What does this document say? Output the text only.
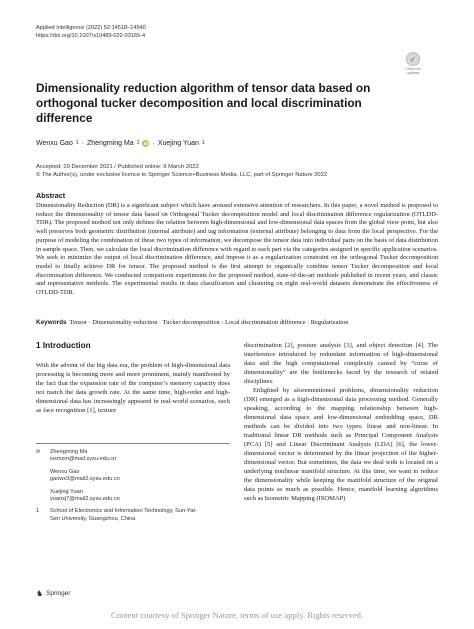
Applied Intelligence (2022) 52:14518–14540
https://doi.org/10.1007/s10489-022-03165-4
✓
Check for
updates
Dimensionality reduction algorithm of tensor data based on orthogonal tucker decomposition and local discrimination difference
Wenxu Gao 1 · Zhengming Ma 1 iD · Xuejing Yuan 1
Accepted: 29 December 2021 / Published online: 9 March 2022
© The Author(s), under exclusive licence to Springer Science+Business Media, LLC, part of Springer Nature 2022
Abstract

Dimensionality Reduction (DR) is a significant subject which have aroused extensive attention of researchers. In this paper, a novel method is proposed to reduce the dimensionality of tensor data based on Orthogonal Tucker decomposition model and local discrimination difference regularization (OTLDD-TDR). The proposed method not only defines the relation between high-dimensional and low-dimensional data spaces from the global view point, but also well preserves both geometric distribution (internal attribute) and tag information (external attribute) belonging to data from the local perspective. For the purpose of modeling the combination of these two types of information, we decompose the tensor data into individual parts on the basis of data distribution in sample space. Then, we calculate the local discrimination difference with regard to each part via the categories assigned in specific application scenarios. We seek to minimize the output of local discrimination difference, and impose it as a regularization constraint on the orthogonal Tucker decomposition model to finally achieve DR for tensor. The proposed method is the first attempt to organically combine tensor Tucker decomposition and local discrimination difference. We conducted comparison experiments for the proposed method, state-of-the-art methods published in recent years, and classic and representative methods. The experimental results in data classification and clustering on eight real-world datasets demonstrate the effectiveness of OTLDD-TDR.

Keywords Tensor · Dimensionality reduction · Tucker decomposition · Local discrimination difference · Regularization
1 Introduction

With the advent of the big data era, the problem of high-dimensional data processing is becoming more and more prominent, mainly manifested by the fact that the expansion rate of the computer’s memory capacity does not match the data growth rate. At the same time, high-order and high-dimensional data has increasingly appeared in real-world scenarios, such as face recognition [1], texture

discrimination [2], posture analysis [3], and object detection [4]. The interference introduced by redundant information of high-dimensional data and the high computational complexity caused by “curse of dimensionality” are the bottlenecks faced by the research of related disciplines.

Enlighted by aforementioned problems, dimensionality reduction (DR) emerged as a high-dimensional data processing method. Generally speaking, according to the mapping relationship between high-dimensional data space and low-dimensional embedding space, DR methods can be divided into two types: linear and non-linear. In traditional linear DR methods such as Principal Component Analysis (PCA) [5] and Linear Discriminant Analysis (LDA) [6], the lower-dimensional vector is determined by the linear projection of the higher-dimensional vector. But sometimes, the data we deal with is located on a underlying nonlinear manifold structure. At this time, we want to reduce the dimensionality while keeping the manifold structure of the original data points as much as possible. Hence, manifold learning algorithms such as Isometric Mapping (ISOMAP)

✉	Zhengming Ma
issmzm@mail.sysu.edu.cn
Wenxu Gao
gaowx3@mail2.sysu.edu.cn
Xuejing Yuan
yuanxj7@mail2.sysu.edu.cn
1	School of Electronics and Information Technology, Sun-Yat-
Sen University, Guangzhou, China
♞ Springer
Content courtesy of Springer Nature, terms of use apply. Rights reserved.
